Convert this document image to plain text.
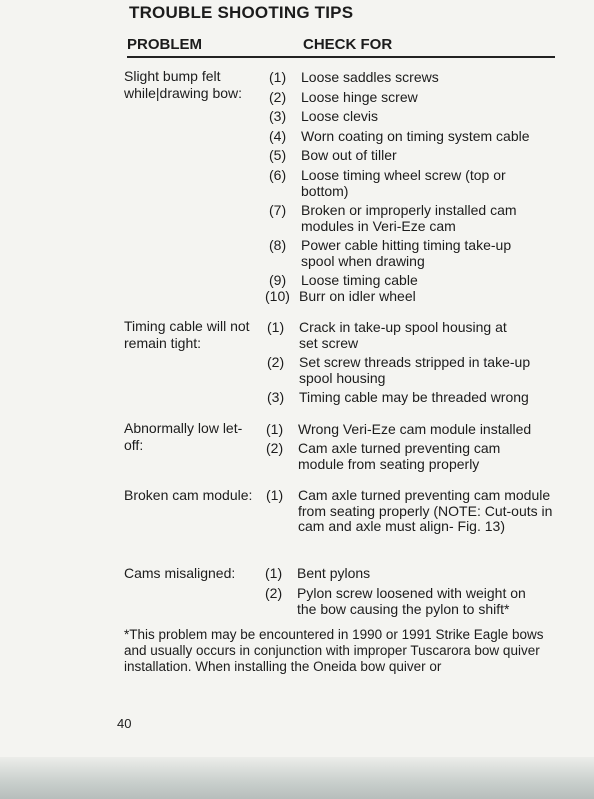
TROUBLE SHOOTING TIPS
PROBLEM	CHECK FOR
Slight bump felt while|drawing bow:
(1)	Loose saddles screws
(2)	Loose hinge screw
(3)	Loose clevis
(4)	Worn coating on timing system cable
(5)	Bow out of tiller
(6)	Loose timing wheel screw (top or bottom)
(7)	Broken or improperly installed cam modules in Veri-Eze cam
(8)	Power cable hitting timing take-up spool when drawing
(9)	Loose timing cable
(10) Burr on idler wheel
Timing cable will not remain tight:
(1)	Crack in take-up spool housing at set screw
(2)	Set screw threads stripped in take-up spool housing
(3)	Timing cable may be threaded wrong
Abnormally low let-off:
(1)	Wrong Veri-Eze cam module installed
(2)	Cam axle turned preventing cam module from seating properly
Broken cam module: (1)	Cam axle turned preventing cam module from seating properly (NOTE: Cut-outs in cam and axle must align- Fig. 13)
Cams misaligned:	(1)	Bent pylons
(2)	Pylon screw loosened with weight on the bow causing the pylon to shift*
*This problem may be encountered in 1990 or 1991 Strike Eagle bows and usually occurs in conjunction with improper Tuscarora bow quiver installation. When installing the Oneida bow quiver or
40
